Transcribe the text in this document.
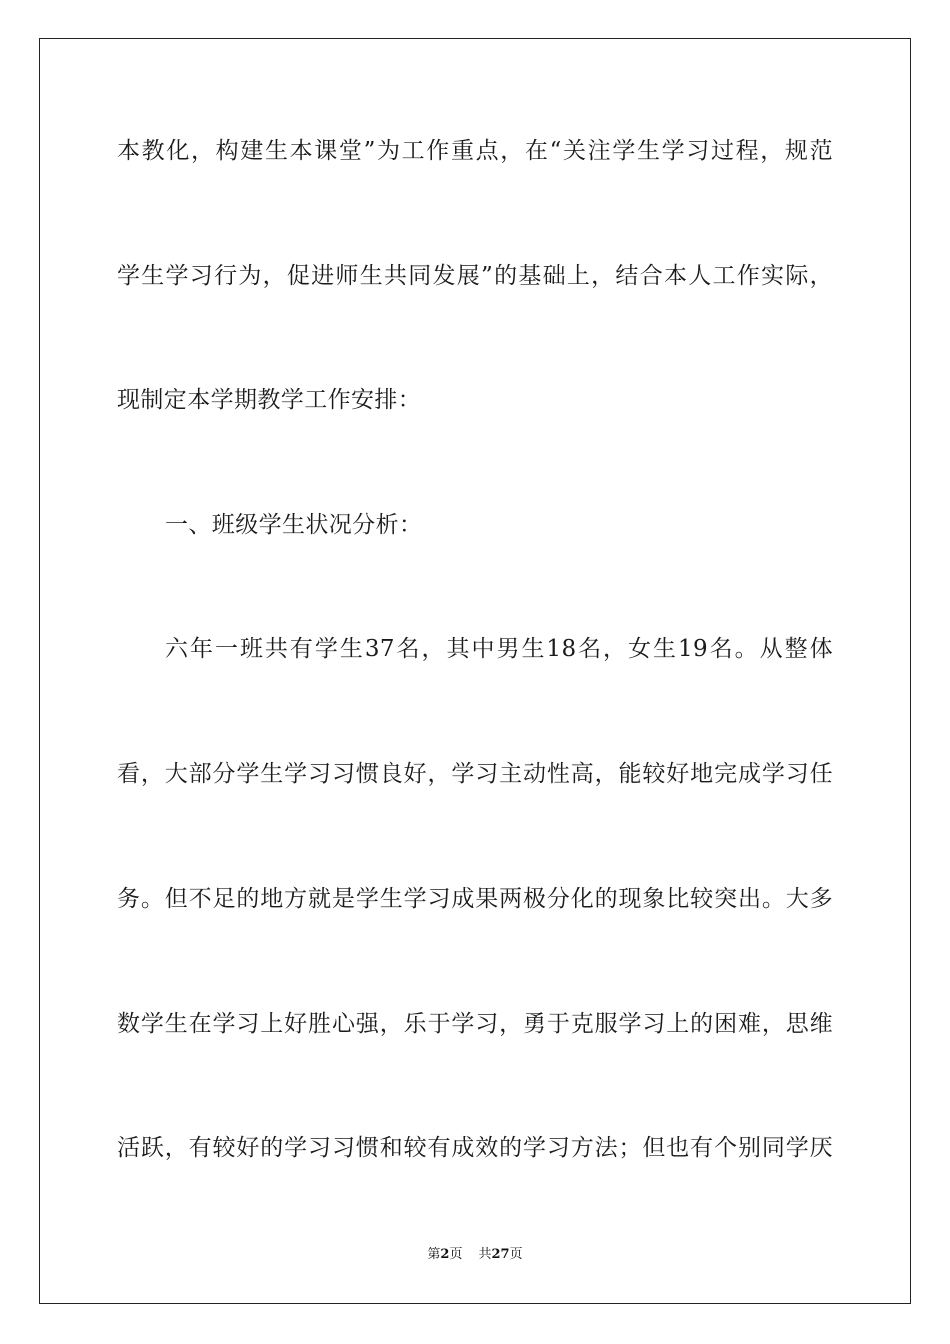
本教化，构建生本课堂”为工作重点，在“关注学生学习过程，规范
学生学习行为，促进师生共同发展”的基础上，结合本人工作实际，
现制定本学期教学工作安排：
一、班级学生状况分析：
六年一班共有学生37名，其中男生18名，女生19名。从整体
看，大部分学生学习习惯良好，学习主动性高，能较好地完成学习任
务。但不足的地方就是学生学习成果两极分化的现象比较突出。大多
数学生在学习上好胜心强，乐于学习，勇于克服学习上的困难，思维
活跃，有较好的学习习惯和较有成效的学习方法；但也有个别同学厌
第2页 共27页
